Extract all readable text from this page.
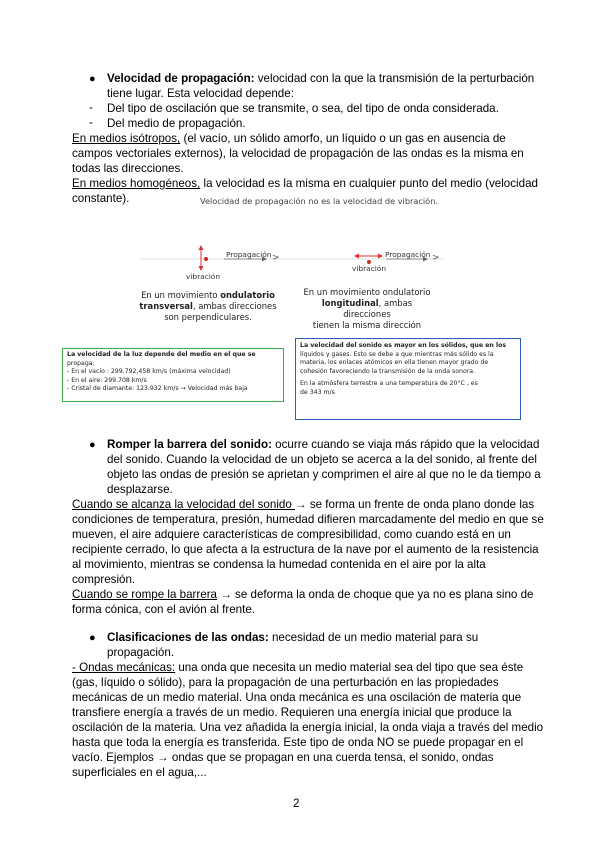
● Velocidad de propagación: velocidad con la que la transmisión de la perturbación

tiene lugar. Esta velocidad depende:

- Del tipo de oscilación que se transmite, o sea, del tipo de onda considerada.

- Del medio de propagación.

En medios isótropos, (el vacío, un sólido amorfo, un líquido o un gas en ausencia de

campos vectoriales externos), la velocidad de propagación de las ondas es la misma en

todas las direcciones.

En medios homogéneos, la velocidad es la misma en cualquier punto del medio (velocidad

constante).	Velocidad de propagación no es la velocidad de vibración.
Propagación >	Propagación >
vibración
vibración
En un movimiento ondulatorio
transversal, ambas direcciones
son perpendiculares.
En un movimiento ondulatorio
longitudinal, ambas direcciones
tienen la misma dirección
La velocidad de la luz depende del medio en el que se
propaga:
- En el vacío : 299.792,458 km/s (máxima velocidad)
- En el aire: 299.708 km/s
- Cristal de diamante: 123.932 km/s → Velocidad más baja
La velocidad del sonido es mayor en los sólidos, que en los
líquidos y gases. Esto se debe a que mientras más sólido es la
materia, los enlaces atómicos en ella tienen mayor grado de
cohesión favoreciendo la transmisión de la onda sonora.
En la atmósfera terrestre a una temperatura de 20°C , es
de 343 m/s
● Romper la barrera del sonido: ocurre cuando se viaja más rápido que la velocidad

del sonido. Cuando la velocidad de un objeto se acerca a la del sonido, al frente del

objeto las ondas de presión se aprietan y comprimen el aire al que no le da tiempo a

desplazarse.

Cuando se alcanza la velocidad del sonido → se forma un frente de onda plano donde las

condiciones de temperatura, presión, humedad difieren marcadamente del medio en que se

mueven, el aire adquiere características de compresibilidad, como cuando está en un

recipiente cerrado, lo que afecta a la estructura de la nave por el aumento de la resistencia

al movimiento, mientras se condensa la humedad contenida en el aire por la alta

compresión.

Cuando se rompe la barrera → se deforma la onda de choque que ya no es plana sino de

forma cónica, con el avión al frente.

● Clasificaciones de las ondas: necesidad de un medio material para su

propagación.

- Ondas mecánicas: una onda que necesita un medio material sea del tipo que sea éste

(gas, líquido o sólido), para la propagación de una perturbación en las propiedades

mecánicas de un medio material. Una onda mecánica es una oscilación de materia que

transfiere energía a través de un medio. Requieren una energía inicial que produce la

oscilación de la materia. Una vez añadida la energía inicial, la onda viaja a través del medio

hasta que toda la energía es transferida. Este tipo de onda NO se puede propagar en el

vacío. Ejemplos → ondas que se propagan en una cuerda tensa, el sonido, ondas

superficiales en el agua,...

2
